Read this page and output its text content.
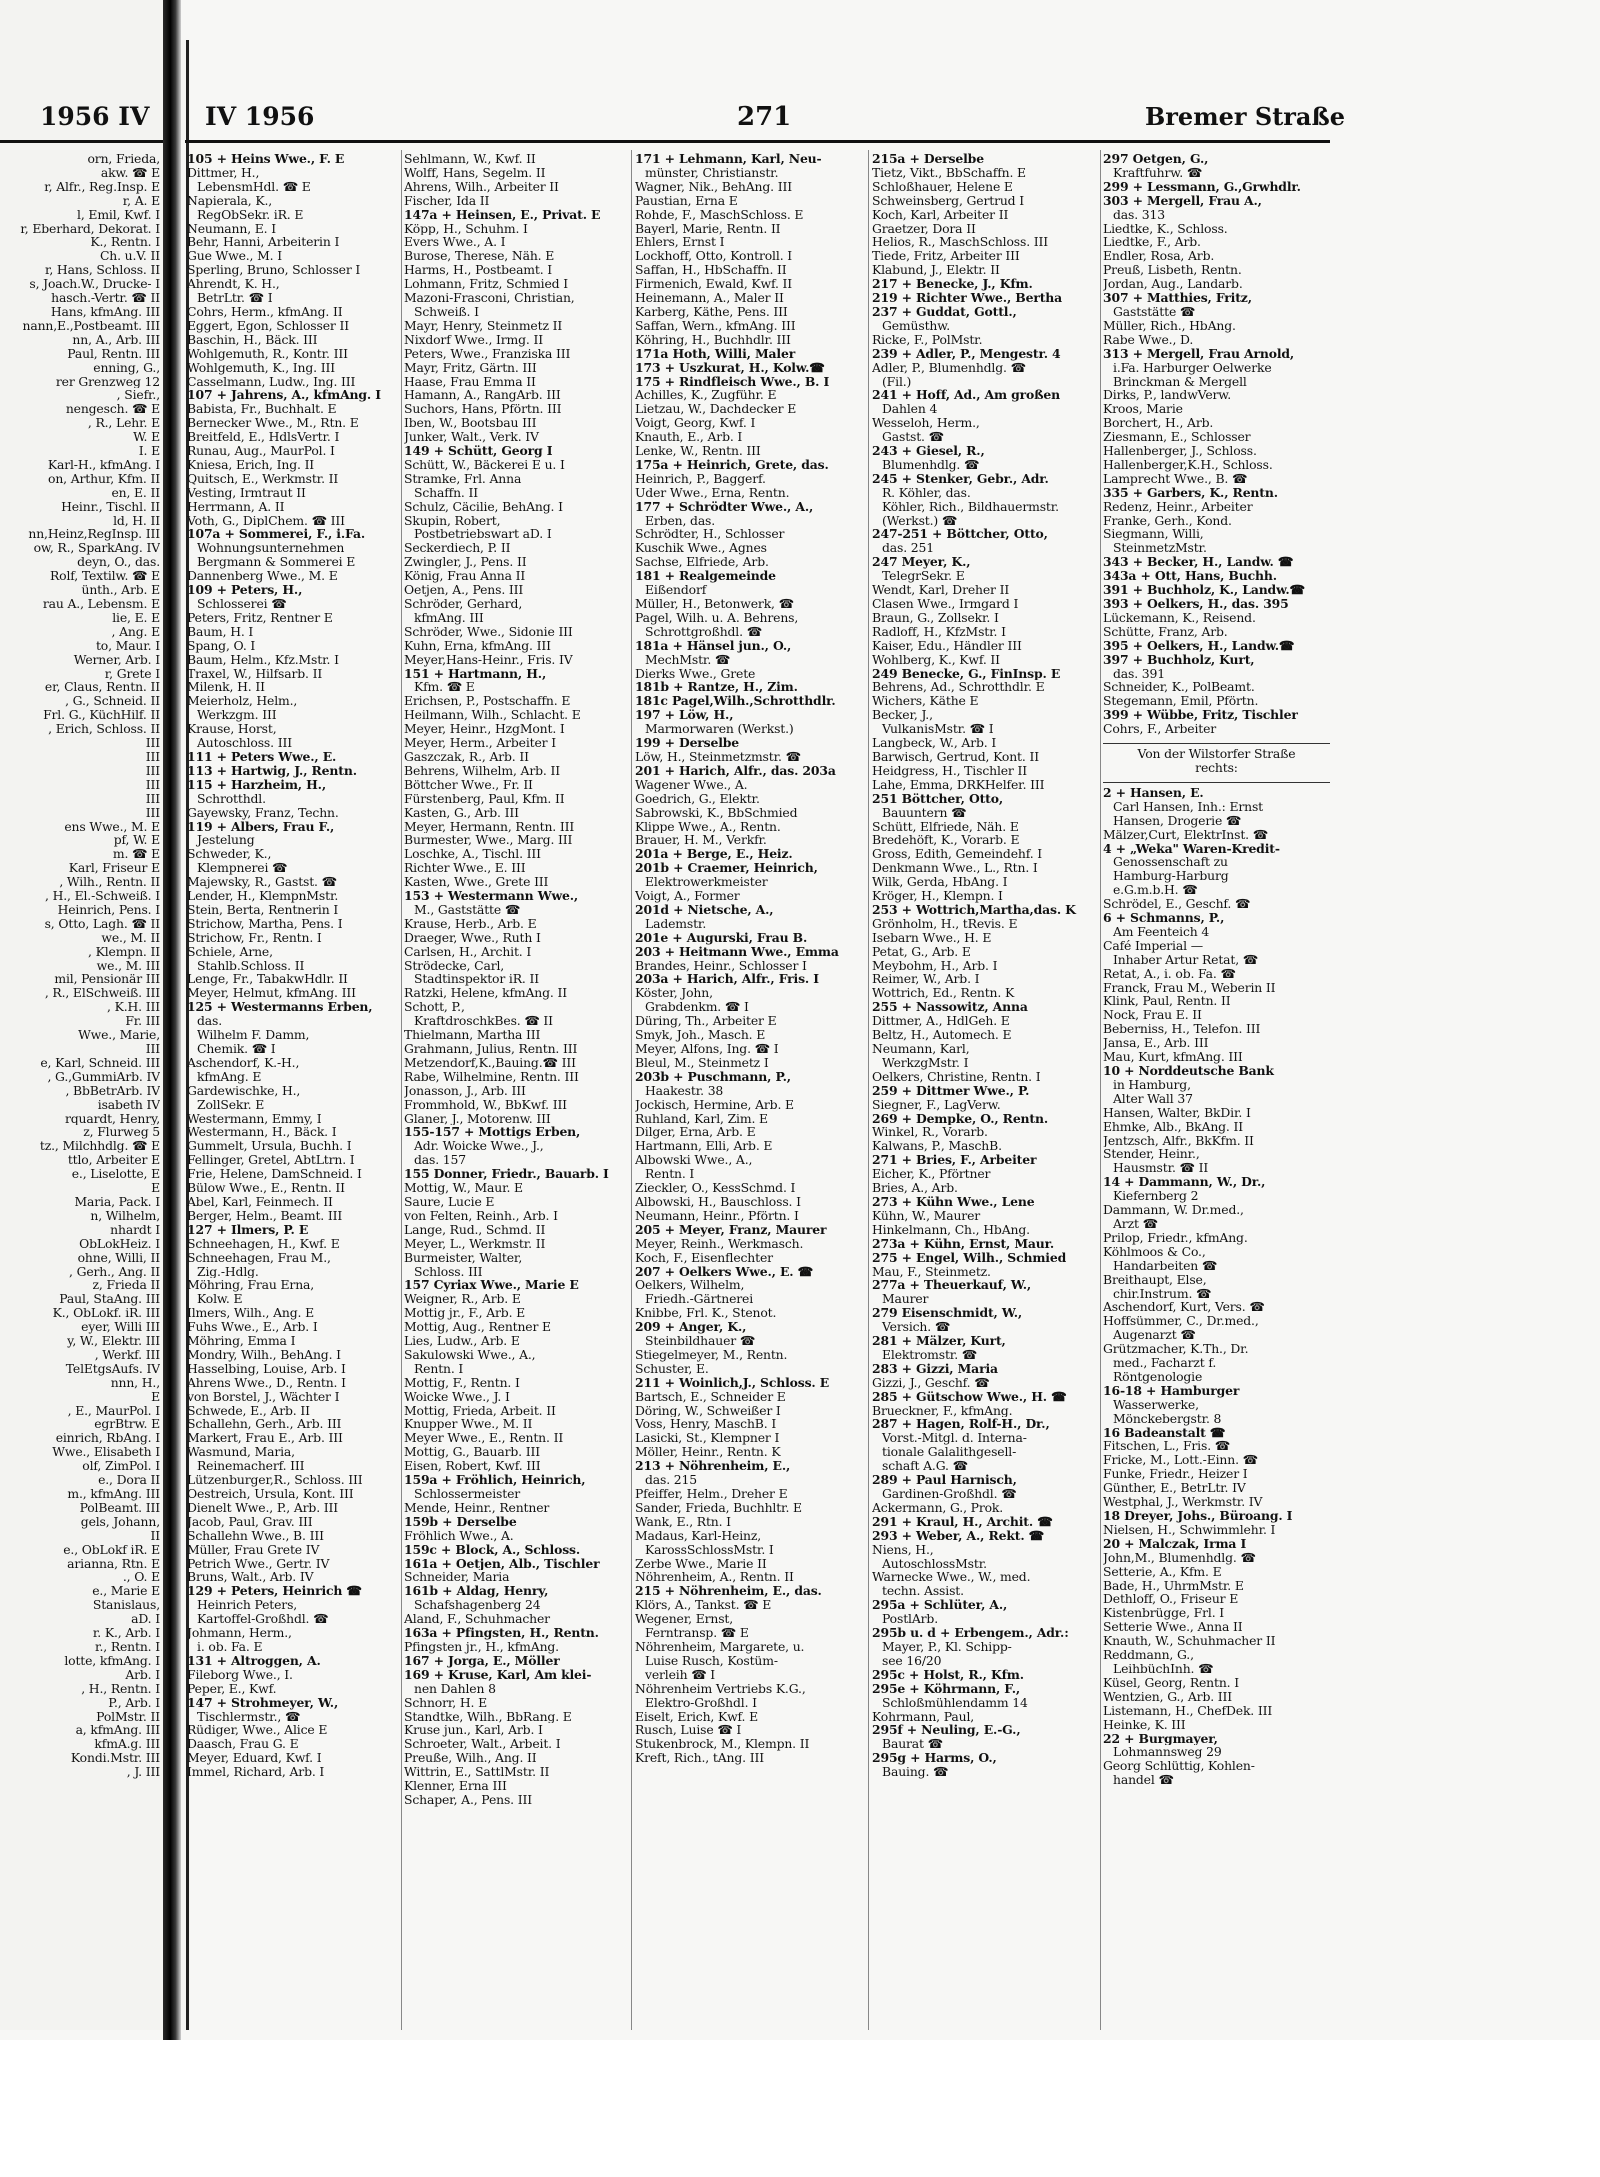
orn, Frieda,
akw. ☎ E
r, Alfr., Reg.Insp. E
r, A. E
l, Emil, Kwf. I
r, Eberhard, Dekorat. I
K., Rentn. I
Ch. u.V. II
r, Hans, Schloss. II
s, Joach.W., Drucke- I
hasch.-Vertr. ☎ II
Hans, kfmAng. III
nann,E.,Postbeamt. III
nn, A., Arb. III
Paul, Rentn. III
enning, G.,
rer Grenzweg 12
, Siefr.,
nengesch. ☎ E
, R., Lehr. E
W. E
I. E
Karl-H., kfmAng. I
on, Arthur, Kfm. II
en, E. II
Heinr., Tischl. II
ld, H. II
nn,Heinz,RegInsp. III
ow, R., SparkAng. IV
deyn, O., das.
Rolf, Textilw. ☎ E
ünth., Arb. E
rau A., Lebensm. E
lie, E. E
, Ang. E
to, Maur. I
Werner, Arb. I
r, Grete I
er, Claus, Rentn. II
, G., Schneid. II
Frl. G., KüchHilf. II
, Erich, Schloss. II
III
III
III
III
III
III
ens Wwe., M. E
pf, W. E
m. ☎ E
Karl, Friseur E
, Wilh., Rentn. II
, H., El.-Schweiß. I
Heinrich, Pens. I
s, Otto, Lagh. ☎ II
we., M. II
, Klempn. II
we., M. III
mil, Pensionär III
, R., ElSchweiß. III
, K.H. III
Fr. III
Wwe., Marie,
III
e, Karl, Schneid. III
, G.,GummiArb. IV
, BbBetrArb. IV
isabeth IV
rquardt, Henry,
z, Flurweg 5
tz., Milchhdlg. ☎ E
ttlo, Arbeiter E
e., Liselotte, E
E
Maria, Pack. I
n, Wilhelm,
nhardt I
ObLokHeiz. I
ohne, Willi, II
, Gerh., Ang. II
z, Frieda II
Paul, StaAng. III
K., ObLokf. iR. III
eyer, Willi III
y, W., Elektr. III
, Werkf. III
TelEtgsAufs. IV
nnn, H.,
E
, E., MaurPol. I
egrBtrw. E
einrich, RbAng. I
Wwe., Elisabeth I
olf, ZimPol. I
e., Dora II
m., kfmAng. III
PolBeamt. III
gels, Johann,
II
e., ObLokf iR. E
arianna, Rtn. E
., O. E
e., Marie E
Stanislaus,
aD. I
r. K., Arb. I
r., Rentn. I
lotte, kfmAng. I
Arb. I
, H., Rentn. I
P., Arb. I
PolMstr. II
a, kfmAng. III
kfmA.g. III
Kondi.Mstr. III
, J. III
1956 IV IV 1956	271	Bremer Straße
105 + Heins Wwe., F. E
Dittmer, H.,
LebensmHdl. ☎ E
Napierala, K.,
RegObSekr. iR. E
Neumann, E. I
Behr, Hanni, Arbeiterin I
Gue Wwe., M. I
Sperling, Bruno, Schlosser I
Ahrendt, K. H.,
BetrLtr. ☎ I
Cohrs, Herm., kfmAng. II
Eggert, Egon, Schlosser II
Baschin, H., Bäck. III
Wohlgemuth, R., Kontr. III
Wohlgemuth, K., Ing. III
Casselmann, Ludw., Ing. III
107 + Jahrens, A., kfmAng. I
Babista, Fr., Buchhalt. E
Bernecker Wwe., M., Rtn. E
Breitfeld, E., HdlsVertr. I
Runau, Aug., MaurPol. I
Kniesa, Erich, Ing. II
Quitsch, E., Werkmstr. II
Vesting, Irmtraut II
Herrmann, A. II
Voth, G., DiplChem. ☎ III
107a + Sommerei, F., i.Fa.
Wohnungsunternehmen
Bergmann & Sommerei E
Dannenberg Wwe., M. E
109 + Peters, H.,
Schlosserei ☎
Peters, Fritz, Rentner E
Baum, H. I
Spang, O. I
Baum, Helm., Kfz.Mstr. I
Traxel, W., Hilfsarb. II
Milenk, H. II
Meierholz, Helm.,
Werkzgm. III
Krause, Horst,
Autoschloss. III
111 + Peters Wwe., E.
113 + Hartwig, J., Rentn.
115 + Harzheim, H.,
Schrotthdl.
Gayewsky, Franz, Techn.
119 + Albers, Frau F.,
Jestelung
Schweder, K.,
Klempnerei ☎
Majewsky, R., Gastst. ☎
Lender, H., KlempnMstr.
Stein, Berta, Rentnerin I
Strichow, Martha, Pens. I
Strichow, Fr., Rentn. I
Schiele, Arne,
Stahlb.Schloss. II
Lenge, Fr., TabakwHdlr. II
Meyer, Helmut, kfmAng. III
125 + Westermanns Erben,
das.
Wilhelm F. Damm,
Chemik. ☎ I
Aschendorf, K.-H.,
kfmAng. E
Gardewischke, H.,
ZollSekr. E
Westermann, Emmy, I
Westermann, H., Bäck. I
Gummelt, Ursula, Buchh. I
Fellinger, Gretel, AbtLtrn. I
Frie, Helene, DamSchneid. I
Bülow Wwe., E., Rentn. II
Abel, Karl, Feinmech. II
Berger, Helm., Beamt. III
127 + Ilmers, P. E
Schneehagen, H., Kwf. E
Schneehagen, Frau M.,
Zig.-Hdlg.
Möhring, Frau Erna,
Kolw. E
Ilmers, Wilh., Ang. E
Fuhs Wwe., E., Arb. I
Möhring, Emma I
Mondry, Wilh., BehAng. I
Hasselbing, Louise, Arb. I
Ahrens Wwe., D., Rentn. I
von Borstel, J., Wächter I
Schwede, E., Arb. II
Schallehn, Gerh., Arb. III
Markert, Frau E., Arb. III
Wasmund, Maria,
Reinemacherf. III
Lützenburger,R., Schloss. III
Oestreich, Ursula, Kont. III
Dienelt Wwe., P., Arb. III
Jacob, Paul, Grav. III
Schallehn Wwe., B. III
Müller, Frau Grete IV
Petrich Wwe., Gertr. IV
Bruns, Walt., Arb. IV
129 + Peters, Heinrich ☎
Heinrich Peters,
Kartoffel-Großhdl. ☎
Johmann, Herm.,
i. ob. Fa. E
131 + Altroggen, A.
Fileborg Wwe., I.
Peper, E., Kwf.
147 + Strohmeyer, W.,
Tischlermstr., ☎
Rüdiger, Wwe., Alice E
Daasch, Frau G. E
Meyer, Eduard, Kwf. I
Immel, Richard, Arb. I
Sehlmann, W., Kwf. II
Wolff, Hans, Segelm. II
Ahrens, Wilh., Arbeiter II
Fischer, Ida II
147a + Heinsen, E., Privat. E
Köpp, H., Schuhm. I
Evers Wwe., A. I
Burose, Therese, Näh. E
Harms, H., Postbeamt. I
Lohmann, Fritz, Schmied I
Mazoni-Frasconi, Christian,
Schweiß. I
Mayr, Henry, Steinmetz II
Nixdorf Wwe., Irmg. II
Peters, Wwe., Franziska III
Mayr, Fritz, Gärtn. III
Haase, Frau Emma II
Hamann, A., RangArb. III
Suchors, Hans, Pförtn. III
Iben, W., Bootsbau III
Junker, Walt., Verk. IV
149 + Schütt, Georg I
Schütt, W., Bäckerei E u. I
Stramke, Frl. Anna
Schaffn. II
Schulz, Cäcilie, BehAng. I
Skupin, Robert,
Postbetriebswart aD. I
Seckerdiech, P. II
Zwingler, J., Pens. II
König, Frau Anna II
Oetjen, A., Pens. III
Schröder, Gerhard,
kfmAng. III
Schröder, Wwe., Sidonie III
Kuhn, Erna, kfmAng. III
Meyer,Hans-Heinr., Fris. IV
151 + Hartmann, H.,
Kfm. ☎ E
Erichsen, P., Postschaffn. E
Heilmann, Wilh., Schlacht. E
Meyer, Heinr., HzgMont. I
Meyer, Herm., Arbeiter I
Gaszczak, R., Arb. II
Behrens, Wilhelm, Arb. II
Böttcher Wwe., Fr. II
Fürstenberg, Paul, Kfm. II
Kasten, G., Arb. III
Meyer, Hermann, Rentn. III
Burmester, Wwe., Marg. III
Loschke, A., Tischl. III
Richter Wwe., E. III
Kasten, Wwe., Grete III
153 + Westermann Wwe.,
M., Gaststätte ☎
Krause, Herb., Arb. E
Draeger, Wwe., Ruth I
Carlsen, H., Archit. I
Strödecke, Carl,
Stadtinspektor iR. II
Ratzki, Helene, kfmAng. II
Schott, P.,
KraftdroschkBes. ☎ II
Thielmann, Martha III
Grahmann, Julius, Rentn. III
Metzendorf,K.,Bauing.☎ III
Rabe, Wilhelmine, Rentn. III
Jonasson, J., Arb. III
Frommhold, W., BbKwf. III
Glaner, J., Motorenw. III
155-157 + Mottigs Erben,
Adr. Woicke Wwe., J.,
das. 157
155 Donner, Friedr., Bauarb. I
Mottig, W., Maur. E
Saure, Lucie E
von Felten, Reinh., Arb. I
Lange, Rud., Schmd. II
Meyer, L., Werkmstr. II
Burmeister, Walter,
Schloss. III
157 Cyriax Wwe., Marie E
Weigner, R., Arb. E
Mottig jr., F., Arb. E
Mottig, Aug., Rentner E
Lies, Ludw., Arb. E
Sakulowski Wwe., A.,
Rentn. I
Mottig, F., Rentn. I
Woicke Wwe., J. I
Mottig, Frieda, Arbeit. II
Knupper Wwe., M. II
Meyer Wwe., E., Rentn. II
Mottig, G., Bauarb. III
Eisen, Robert, Kwf. III
159a + Fröhlich, Heinrich,
Schlossermeister
Mende, Heinr., Rentner
159b + Derselbe
Fröhlich Wwe., A.
159c + Block, A., Schloss.
161a + Oetjen, Alb., Tischler
Schneider, Maria
161b + Aldag, Henry,
Schafshagenberg 24
Aland, F., Schuhmacher
163a + Pfingsten, H., Rentn.
Pfingsten jr., H., kfmAng.
167 + Jorga, E., Möller
169 + Kruse, Karl, Am klei-
nen Dahlen 8
Schnorr, H. E
Standtke, Wilh., BbRang. E
Kruse jun., Karl, Arb. I
Schroeter, Walt., Arbeit. I
Preuße, Wilh., Ang. II
Wittrin, E., SattlMstr. II
Klenner, Erna III
Schaper, A., Pens. III
171 + Lehmann, Karl, Neu-
münster, Christianstr.
Wagner, Nik., BehAng. III
Paustian, Erna E
Rohde, F., MaschSchloss. E
Bayerl, Marie, Rentn. II
Ehlers, Ernst I
Lockhoff, Otto, Kontroll. I
Saffan, H., HbSchaffn. II
Firmenich, Ewald, Kwf. II
Heinemann, A., Maler II
Karberg, Käthe, Pens. III
Saffan, Wern., kfmAng. III
Köhring, H., Buchhdlr. III
171a Hoth, Willi, Maler
173 + Uszkurat, H., Kolw.☎
175 + Rindfleisch Wwe., B. I
Achilles, K., Zugführ. E
Lietzau, W., Dachdecker E
Voigt, Georg, Kwf. I
Knauth, E., Arb. I
Lenke, W., Rentn. III
175a + Heinrich, Grete, das.
Heinrich, P., Baggerf.
Uder Wwe., Erna, Rentn.
177 + Schrödter Wwe., A.,
Erben, das.
Schrödter, H., Schlosser
Kuschik Wwe., Agnes
Sachse, Elfriede, Arb.
181 + Realgemeinde
Eißendorf
Müller, H., Betonwerk, ☎
Pagel, Wilh. u. A. Behrens,
Schrottgroßhdl. ☎
181a + Hänsel jun., O.,
MechMstr. ☎
Dierks Wwe., Grete
181b + Rantze, H., Zim.
181c Pagel,Wilh.,Schrotthdlr.
197 + Löw, H.,
Marmorwaren (Werkst.)
199 + Derselbe
Löw, H., Steinmetzmstr. ☎
201 + Harich, Alfr., das. 203a
Wagener Wwe., A.
Goedrich, G., Elektr.
Sabrowski, K., BbSchmied
Klippe Wwe., A., Rentn.
Brauer, H. M., Verkfr.
201a + Berge, E., Heiz.
201b + Craemer, Heinrich,
Elektrowerkmeister
Voigt, A., Former
201d + Nietsche, A.,
Lademstr.
201e + Augurski, Frau B.
203 + Heitmann Wwe., Emma
Brandes, Heinr., Schlosser I
203a + Harich, Alfr., Fris. I
Köster, John,
Grabdenkm. ☎ I
Düring, Th., Arbeiter E
Smyk, Joh., Masch. E
Meyer, Alfons, Ing. ☎ I
Bleul, M., Steinmetz I
203b + Puschmann, P.,
Haakestr. 38
Jockisch, Hermine, Arb. E
Ruhland, Karl, Zim. E
Dilger, Erna, Arb. E
Hartmann, Elli, Arb. E
Albowski Wwe., A.,
Rentn. I
Zieckler, O., KessSchmd. I
Albowski, H., Bauschloss. I
Neumann, Heinr., Pförtn. I
205 + Meyer, Franz, Maurer
Meyer, Reinh., Werkmasch.
Koch, F., Eisenflechter
207 + Oelkers Wwe., E. ☎
Oelkers, Wilhelm,
Friedh.-Gärtnerei
Knibbe, Frl. K., Stenot.
209 + Anger, K.,
Steinbildhauer ☎
Stiegelmeyer, M., Rentn.
Schuster, E.
211 + Woinlich,J., Schloss. E
Bartsch, E., Schneider E
Döring, W., Schweißer I
Voss, Henry, MaschB. I
Lasicki, St., Klempner I
Möller, Heinr., Rentn. K
213 + Nöhrenheim, E.,
das. 215
Pfeiffer, Helm., Dreher E
Sander, Frieda, Buchhltr. E
Wank, E., Rtn. I
Madaus, Karl-Heinz,
KarossSchlossMstr. I
Zerbe Wwe., Marie II
Nöhrenheim, A., Rentn. II
215 + Nöhrenheim, E., das.
Klörs, A., Tankst. ☎ E
Wegener, Ernst,
Ferntransp. ☎ E
Nöhrenheim, Margarete, u.
Luise Rusch, Kostüm-
verleih ☎ I
Nöhrenheim Vertriebs K.G.,
Elektro-Großhdl. I
Eiselt, Erich, Kwf. E
Rusch, Luise ☎ I
Stukenbrock, M., Klempn. II
Kreft, Rich., tAng. III
215a + Derselbe
Tietz, Vikt., BbSchaffn. E
Schloßhauer, Helene E
Schweinsberg, Gertrud I
Koch, Karl, Arbeiter II
Graetzer, Dora II
Helios, R., MaschSchloss. III
Tiede, Fritz, Arbeiter III
Klabund, J., Elektr. II
217 + Benecke, J., Kfm.
219 + Richter Wwe., Bertha
237 + Guddat, Gottl.,
Gemüsthw.
Ricke, F., PolMstr.
239 + Adler, P., Mengestr. 4
Adler, P., Blumenhdlg. ☎
(Fil.)
241 + Hoff, Ad., Am großen
Dahlen 4
Wesseloh, Herm.,
Gastst. ☎
243 + Giesel, R.,
Blumenhdlg. ☎
245 + Stenker, Gebr., Adr.
R. Köhler, das.
Köhler, Rich., Bildhauermstr.
(Werkst.) ☎
247-251 + Böttcher, Otto,
das. 251
247 Meyer, K.,
TelegrSekr. E
Wendt, Karl, Dreher II
Clasen Wwe., Irmgard I
Braun, G., Zollsekr. I
Radloff, H., KfzMstr. I
Kaiser, Edu., Händler III
Wohlberg, K., Kwf. II
249 Benecke, G., FinInsp. E
Behrens, Ad., Schrotthdlr. E
Wichers, Käthe E
Becker, J.,
VulkanisMstr. ☎ I
Langbeck, W., Arb. I
Barwisch, Gertrud, Kont. II
Heidgress, H., Tischler II
Lahe, Emma, DRKHelfer. III
251 Böttcher, Otto,
Bauuntern ☎
Schütt, Elfriede, Näh. E
Bredehöft, K., Vorarb. E
Gross, Edith, Gemeindehf. I
Denkmann Wwe., L., Rtn. I
Wilk, Gerda, HbAng. I
Kröger, H., Klempn. I
253 + Wottrich,Martha,das. K
Grönholm, H., tRevis. E
Isebarn Wwe., H. E
Petat, G., Arb. E
Meybohm, H., Arb. I
Reimer, W., Arb. I
Wottrich, Ed., Rentn. K
255 + Nassowitz, Anna
Dittmer, A., HdlGeh. E
Beltz, H., Automech. E
Neumann, Karl,
WerkzgMstr. I
Oelkers, Christine, Rentn. I
259 + Dittmer Wwe., P.
Siegner, F., LagVerw.
269 + Dempke, O., Rentn.
Winkel, R., Vorarb.
Kalwans, P., MaschB.
271 + Bries, F., Arbeiter
Eicher, K., Pförtner
Bries, A., Arb.
273 + Kühn Wwe., Lene
Kühn, W., Maurer
Hinkelmann, Ch., HbAng.
273a + Kühn, Ernst, Maur.
275 + Engel, Wilh., Schmied
Mau, F., Steinmetz.
277a + Theuerkauf, W.,
Maurer
279 Eisenschmidt, W.,
Versich. ☎
281 + Mälzer, Kurt,
Elektromstr. ☎
283 + Gizzi, Maria
Gizzi, J., Geschf. ☎
285 + Gütschow Wwe., H. ☎
Brueckner, F., kfmAng.
287 + Hagen, Rolf-H., Dr.,
Vorst.-Mitgl. d. Interna-
tionale Galalithgesell-
schaft A.G. ☎
289 + Paul Harnisch,
Gardinen-Großhdl. ☎
Ackermann, G., Prok.
291 + Kraul, H., Archit. ☎
293 + Weber, A., Rekt. ☎
Niens, H.,
AutoschlossMstr.
Warnecke Wwe., W., med.
techn. Assist.
295a + Schlüter, A.,
PostlArb.
295b u. d + Erbengem., Adr.:
Mayer, P., Kl. Schipp-
see 16/20
295c + Holst, R., Kfm.
295e + Köhrmann, F.,
Schloßmühlendamm 14
Kohrmann, Paul,
295f + Neuling, E.-G.,
Baurat ☎
295g + Harms, O.,
Bauing. ☎
297 Oetgen, G.,
Kraftfuhrw. ☎
299 + Lessmann, G.,Grwhdlr.
303 + Mergell, Frau A.,
das. 313
Liedtke, K., Schloss.
Liedtke, F., Arb.
Endler, Rosa, Arb.
Preuß, Lisbeth, Rentn.
Jordan, Aug., Landarb.
307 + Matthies, Fritz,
Gaststätte ☎
Müller, Rich., HbAng.
Rabe Wwe., D.
313 + Mergell, Frau Arnold,
i.Fa. Harburger Oelwerke
Brinckman & Mergell
Dirks, P., landwVerw.
Kroos, Marie
Borchert, H., Arb.
Ziesmann, E., Schlosser
Hallenberger, J., Schloss.
Hallenberger,K.H., Schloss.
Lamprecht Wwe., B. ☎
335 + Garbers, K., Rentn.
Redenz, Heinr., Arbeiter
Franke, Gerh., Kond.
Siegmann, Willi,
SteinmetzMstr.
343 + Becker, H., Landw. ☎
343a + Ott, Hans, Buchh.
391 + Buchholz, K., Landw.☎
393 + Oelkers, H., das. 395
Lückemann, K., Reisend.
Schütte, Franz, Arb.
395 + Oelkers, H., Landw.☎
397 + Buchholz, Kurt,
das. 391
Schneider, K., PolBeamt.
Stegemann, Emil, Pförtn.
399 + Wübbe, Fritz, Tischler
Cohrs, F., Arbeiter
Von der Wilstorfer Straße
rechts:
2 + Hansen, E.
Carl Hansen, Inh.: Ernst
Hansen, Drogerie ☎
Mälzer,Curt, ElektrInst. ☎
4 + „Weka" Waren-Kredit-
Genossenschaft zu
Hamburg-Harburg
e.G.m.b.H. ☎
Schrödel, E., Geschf. ☎
6 + Schmanns, P.,
Am Feenteich 4
Café Imperial —
Inhaber Artur Retat, ☎
Retat, A., i. ob. Fa. ☎
Franck, Frau M., Weberin II
Klink, Paul, Rentn. II
Nock, Frau E. II
Beberniss, H., Telefon. III
Jansa, E., Arb. III
Mau, Kurt, kfmAng. III
10 + Norddeutsche Bank
in Hamburg,
Alter Wall 37
Hansen, Walter, BkDir. I
Ehmke, Alb., BkAng. II
Jentzsch, Alfr., BkKfm. II
Stender, Heinr.,
Hausmstr. ☎ II
14 + Dammann, W., Dr.,
Kiefernberg 2
Dammann, W. Dr.med.,
Arzt ☎
Prilop, Friedr., kfmAng.
Köhlmoos & Co.,
Handarbeiten ☎
Breithaupt, Else,
chir.Instrum. ☎
Aschendorf, Kurt, Vers. ☎
Hoffsümmer, C., Dr.med.,
Augenarzt ☎
Grützmacher, K.Th., Dr.
med., Facharzt f.
Röntgenologie
16-18 + Hamburger
Wasserwerke,
Mönckebergstr. 8
16 Badeanstalt ☎
Fitschen, L., Fris. ☎
Fricke, M., Lott.-Einn. ☎
Funke, Friedr., Heizer I
Günther, E., BetrLtr. IV
Westphal, J., Werkmstr. IV
18 Dreyer, Johs., Büroang. I
Nielsen, H., Schwimmlehr. I
20 + Malczak, Irma I
John,M., Blumenhdlg. ☎
Setterie, A., Kfm. E
Bade, H., UhrmMstr. E
Dethloff, O., Friseur E
Kistenbrügge, Frl. I
Setterie Wwe., Anna II
Knauth, W., Schuhmacher II
Reddmann, G.,
LeihbüchInh. ☎
Küsel, Georg, Rentn. I
Wentzien, G., Arb. III
Listemann, H., ChefDek. III
Heinke, K. III
22 + Burgmayer,
Lohmannsweg 29
Georg Schlüttig, Kohlen-
handel ☎
